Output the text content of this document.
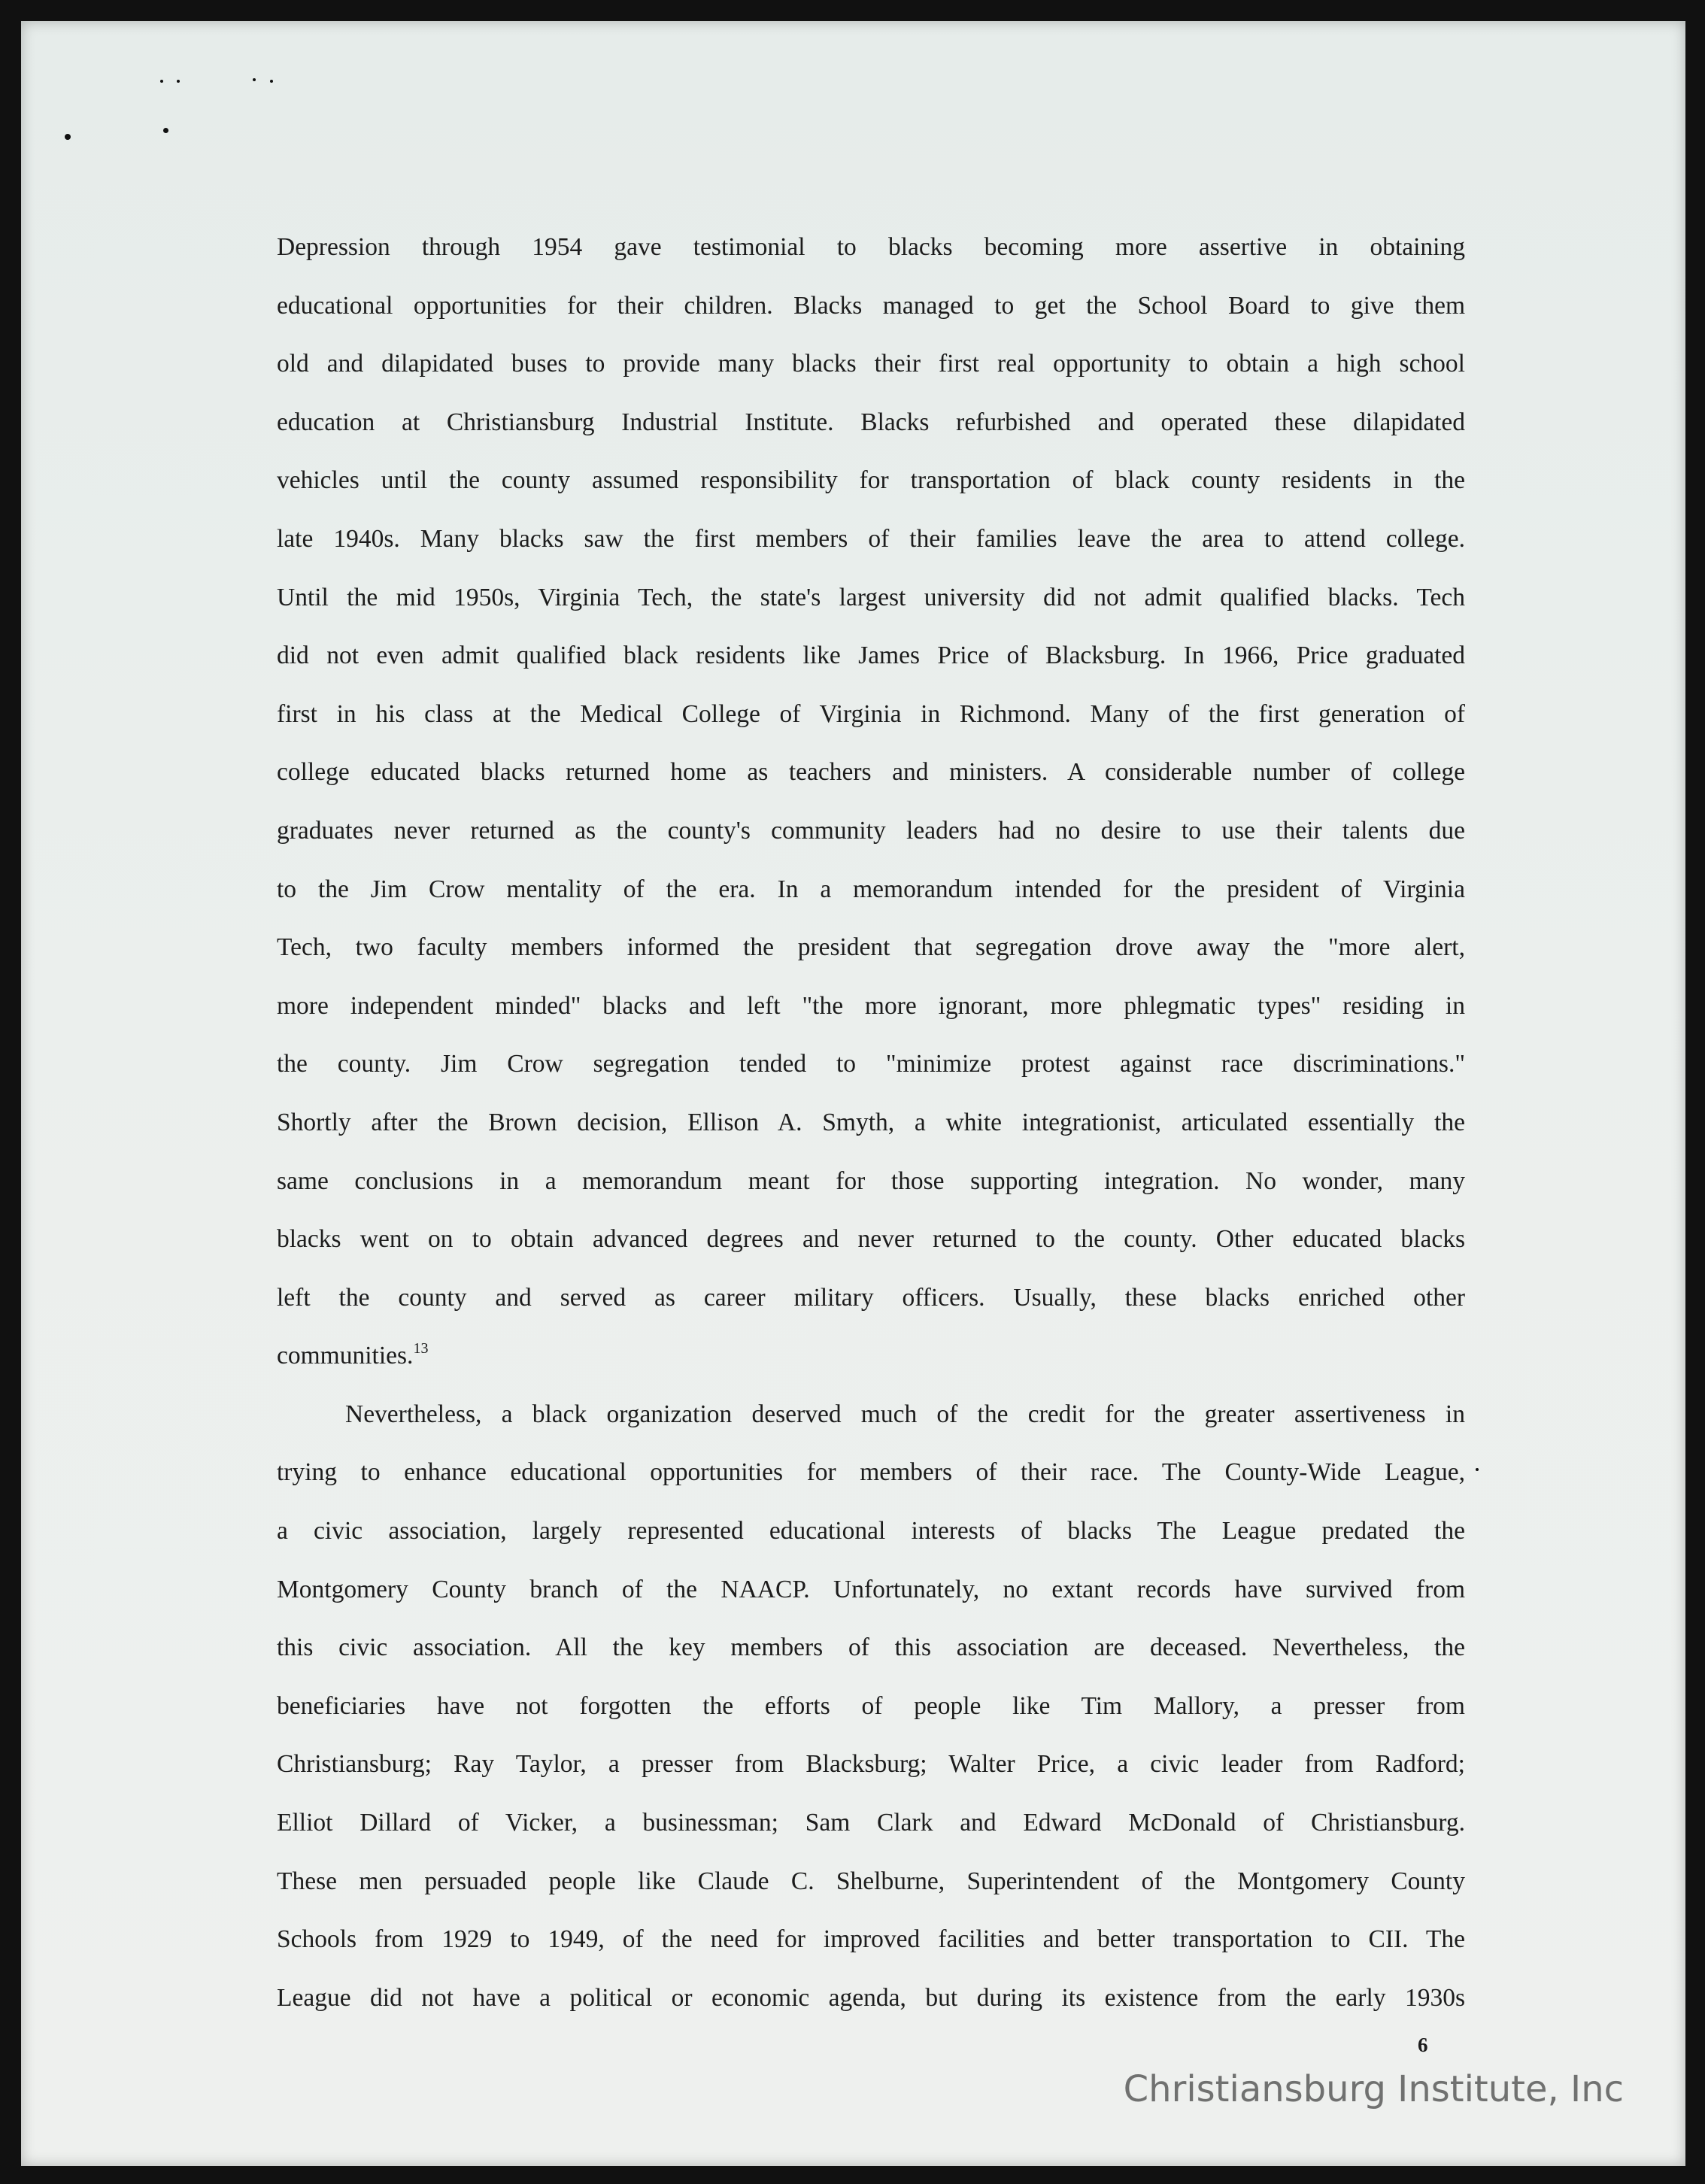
Depression through 1954 gave testimonial to blacks becoming more assertive in obtaining
educational opportunities for their children. Blacks managed to get the School Board to give them
old and dilapidated buses to provide many blacks their first real opportunity to obtain a high school
education at Christiansburg Industrial Institute. Blacks refurbished and operated these dilapidated
vehicles until the county assumed responsibility for transportation of black county residents in the
late 1940s. Many blacks saw the first members of their families leave the area to attend college.
Until the mid 1950s, Virginia Tech, the state's largest university did not admit qualified blacks. Tech
did not even admit qualified black residents like James Price of Blacksburg. In 1966, Price graduated
first in his class at the Medical College of Virginia in Richmond. Many of the first generation of
college educated blacks returned home as teachers and ministers. A considerable number of college
graduates never returned as the county's community leaders had no desire to use their talents due
to the Jim Crow mentality of the era. In a memorandum intended for the president of Virginia
Tech, two faculty members informed the president that segregation drove away the "more alert,
more independent minded" blacks and left "the more ignorant, more phlegmatic types" residing in
the county. Jim Crow segregation tended to "minimize protest against race discriminations."
Shortly after the Brown decision, Ellison A. Smyth, a white integrationist, articulated essentially the
same conclusions in a memorandum meant for those supporting integration. No wonder, many
blacks went on to obtain advanced degrees and never returned to the county. Other educated blacks
left the county and served as career military officers. Usually, these blacks enriched other
communities.$^{13}$
Nevertheless, a black organization deserved much of the credit for the greater assertiveness in
trying to enhance educational opportunities for members of their race. The County-Wide League,
a civic association, largely represented educational interests of blacks The League predated the
Montgomery County branch of the NAACP. Unfortunately, no extant records have survived from
this civic association. All the key members of this association are deceased. Nevertheless, the
beneficiaries have not forgotten the efforts of people like Tim Mallory, a presser from
Christiansburg; Ray Taylor, a presser from Blacksburg; Walter Price, a civic leader from Radford;
Elliot Dillard of Vicker, a businessman; Sam Clark and Edward McDonald of Christiansburg.
These men persuaded people like Claude C. Shelburne, Superintendent of the Montgomery County
Schools from 1929 to 1949, of the need for improved facilities and better transportation to CII. The
League did not have a political or economic agenda, but during its existence from the early 1930s
6
Christiansburg Institute, Inc
